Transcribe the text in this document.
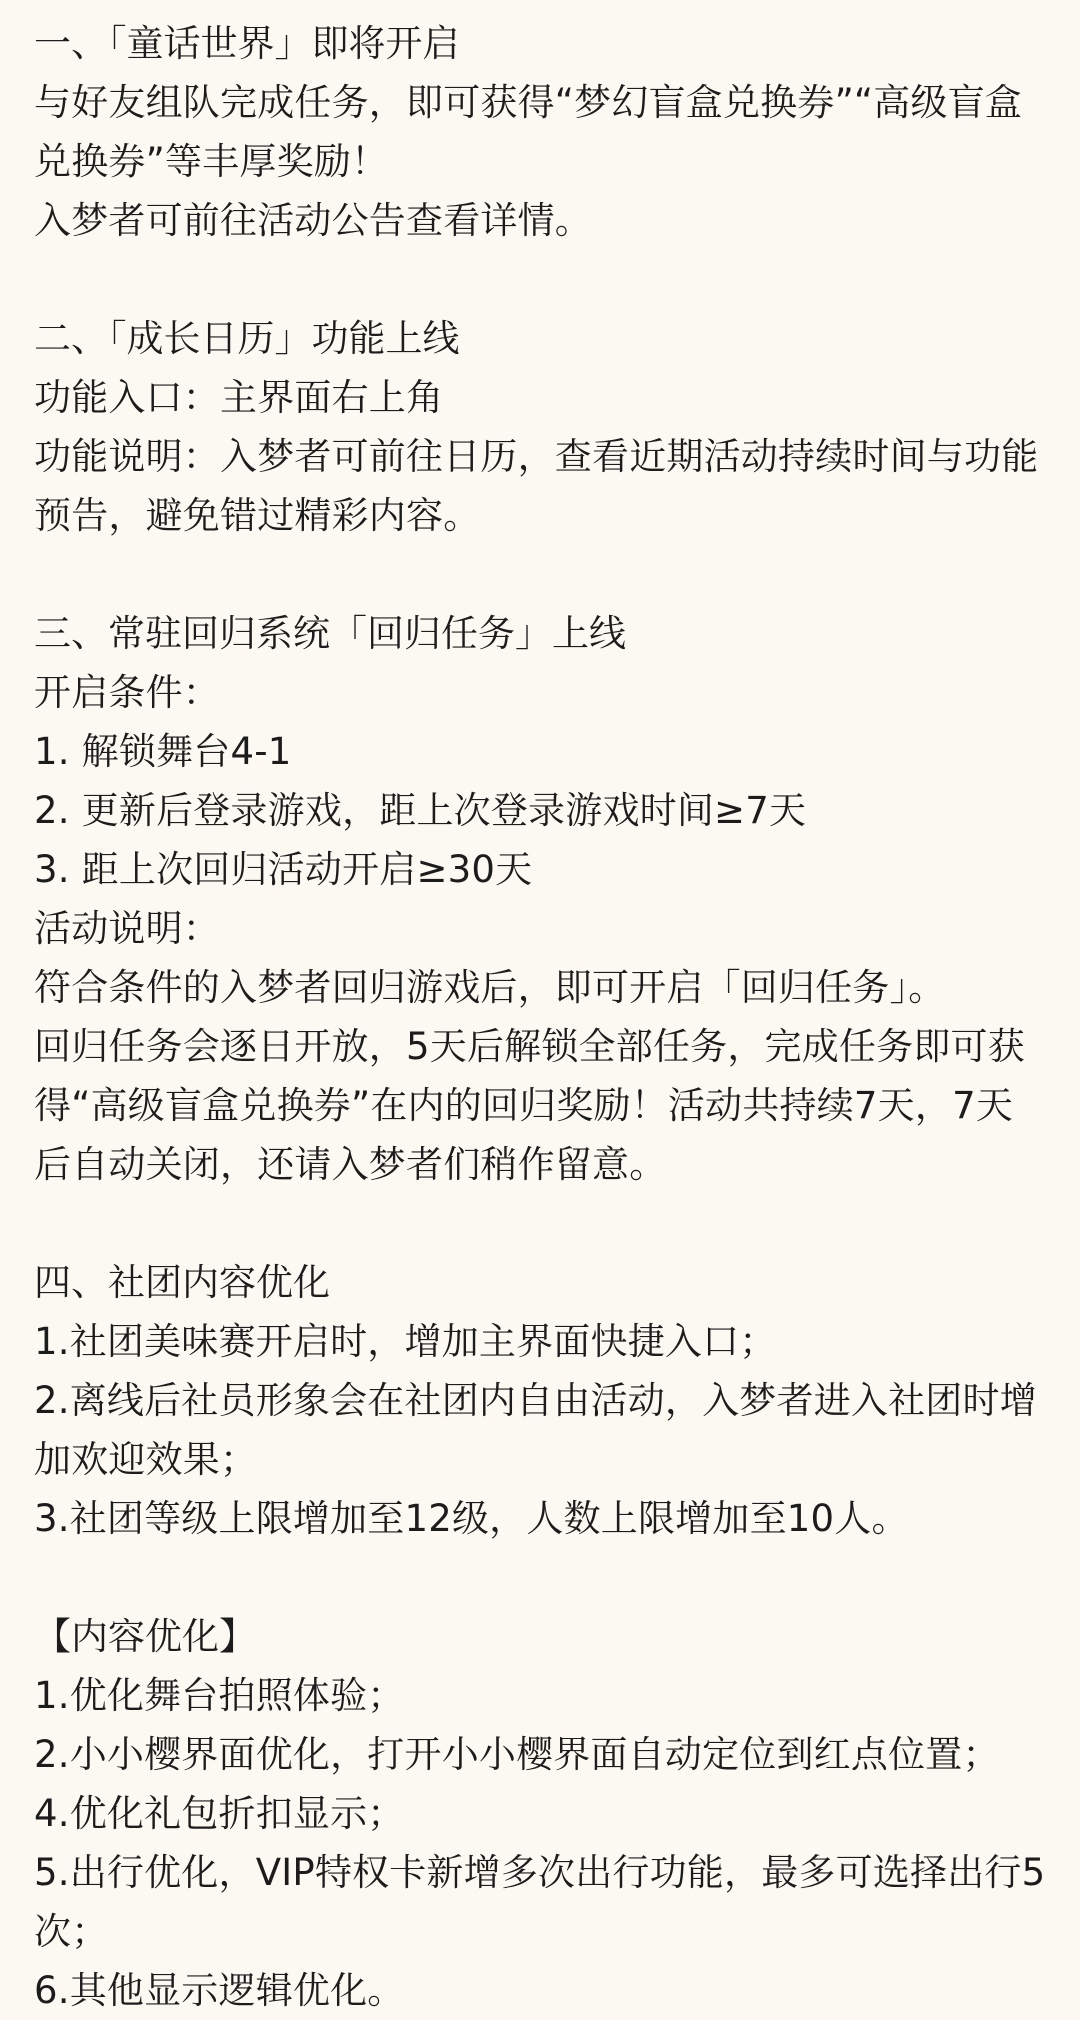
一、「童话世界」即将开启
与好友组队完成任务，即可获得“梦幻盲盒兑换券”“高级盲盒兑换券”等丰厚奖励！
入梦者可前往活动公告查看详情。
二、「成长日历」功能上线
功能入口：主界面右上角
功能说明：入梦者可前往日历，查看近期活动持续时间与功能预告，避免错过精彩内容。
三、常驻回归系统「回归任务」上线
开启条件：
1. 解锁舞台4-1
2. 更新后登录游戏，距上次登录游戏时间≥7天
3. 距上次回归活动开启≥30天
活动说明：
符合条件的入梦者回归游戏后，即可开启「回归任务」。
回归任务会逐日开放，5天后解锁全部任务，完成任务即可获得“高级盲盒兑换券”在内的回归奖励！活动共持续7天，7天后自动关闭，还请入梦者们稍作留意。
四、社团内容优化
1.社团美味赛开启时，增加主界面快捷入口；
2.离线后社员形象会在社团内自由活动，入梦者进入社团时增加欢迎效果；
3.社团等级上限增加至12级，人数上限增加至10人。
【内容优化】
1.优化舞台拍照体验；
2.小小樱界面优化，打开小小樱界面自动定位到红点位置；
4.优化礼包折扣显示；
5.出行优化，VIP特权卡新增多次出行功能，最多可选择出行5次；
6.其他显示逻辑优化。
